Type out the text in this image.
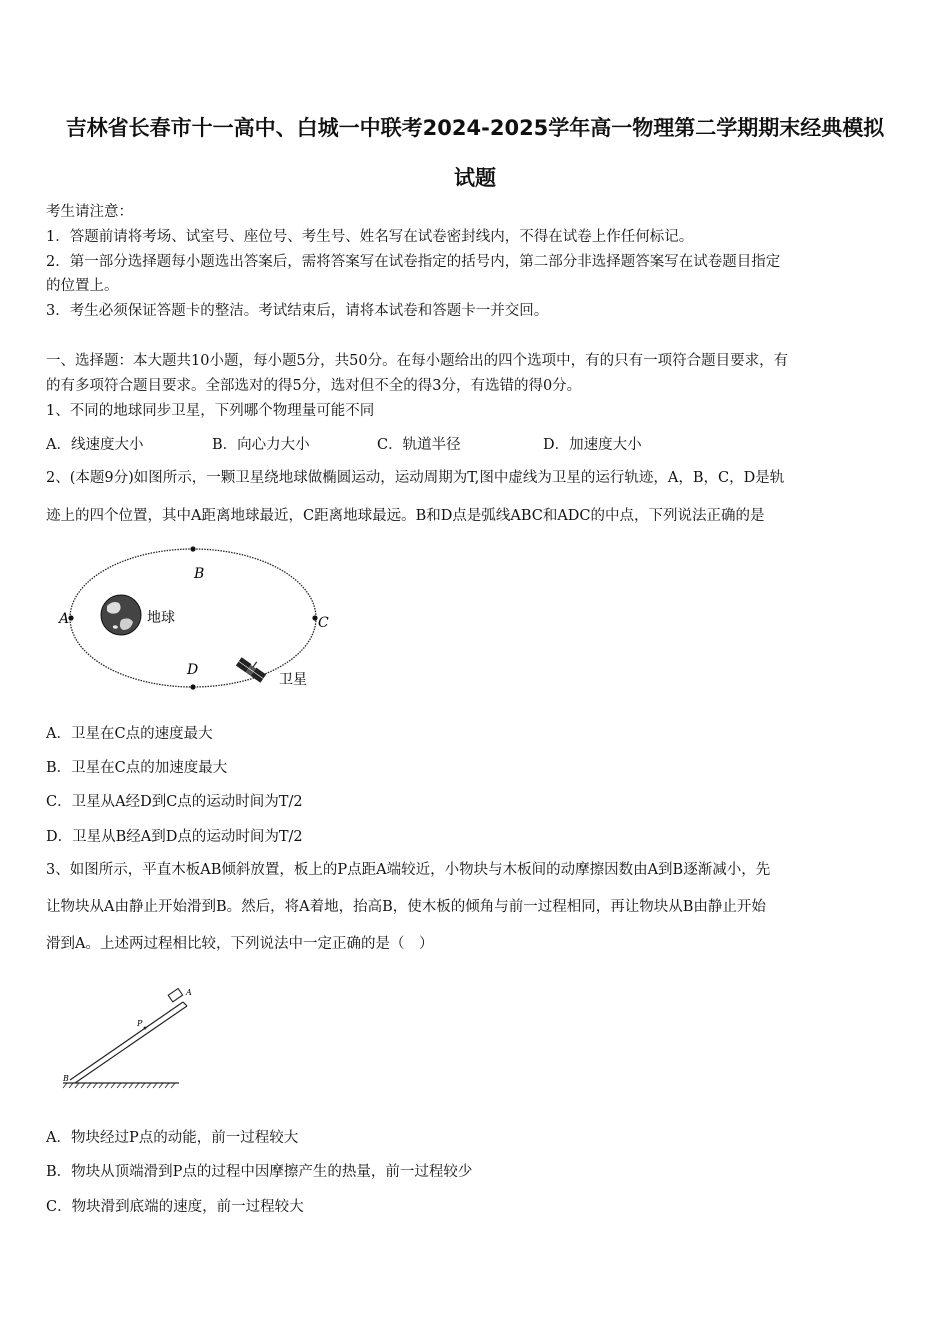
吉林省长春市十一高中、白城一中联考2024-2025学年高一物理第二学期期末经典模拟
试题
考生请注意：
1．答题前请将考场、试室号、座位号、考生号、姓名写在试卷密封线内，不得在试卷上作任何标记。
2．第一部分选择题每小题选出答案后，需将答案写在试卷指定的括号内，第二部分非选择题答案写在试卷题目指定
的位置上。
3．考生必须保证答题卡的整洁。考试结束后，请将本试卷和答题卡一并交回。
一、选择题：本大题共10小题，每小题5分，共50分。在每小题给出的四个选项中，有的只有一项符合题目要求，有
的有多项符合题目要求。全部选对的得5分，选对但不全的得3分，有选错的得0分。
1、不同的地球同步卫星，下列哪个物理量可能不同
A．线速度大小	B．向心力大小	C．轨道半径	D．加速度大小
2、(本题9分)如图所示，一颗卫星绕地球做椭圆运动，运动周期为T,图中虚线为卫星的运行轨迹，A，B，C，D是轨
迹上的四个位置，其中A距离地球最近，C距离地球最远。B和D点是弧线ABC和ADC的中点，下列说法正确的是
A
B
C
D
地球
卫星
A．卫星在C点的速度最大
B．卫星在C点的加速度最大
C．卫星从A经D到C点的运动时间为T/2
D．卫星从B经A到D点的运动时间为T/2
3、如图所示，平直木板AB倾斜放置，板上的P点距A端较近，小物块与木板间的动摩擦因数由A到B逐渐减小，先
让物块从A由静止开始滑到B。然后，将A着地，抬高B，使木板的倾角与前一过程相同，再让物块从B由静止开始
滑到A。上述两过程相比较，下列说法中一定正确的是（　）
A
P
B
A．物块经过P点的动能，前一过程较大
B．物块从顶端滑到P点的过程中因摩擦产生的热量，前一过程较少
C．物块滑到底端的速度，前一过程较大
